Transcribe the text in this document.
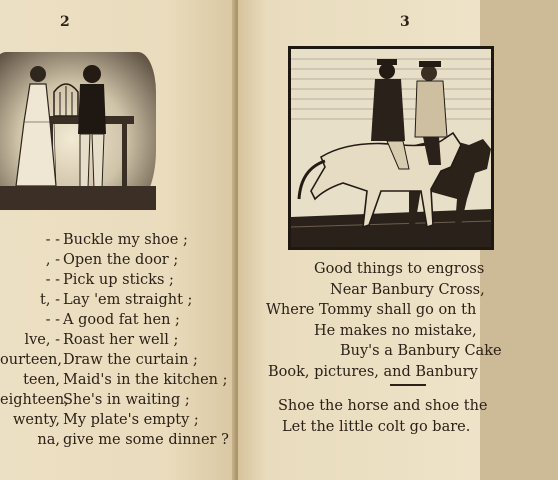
2
- - Buckle my shoe ;
, - Open the door ;
- - Pick up sticks ;
t, - Lay 'em straight ;
- - A good fat hen ;
lve, - Roast her well ;
ourteen, Draw the curtain ;
teen, Maid's in the kitchen ;
eighteen,
She's in waiting ;
wenty, My plate's empty ;
na, give me some dinner ?
3
Good things to engross
Near Banbury Cross,
Where Tommy shall go on th
He makes no mistake,
Buy's a Banbury Cake
Book, pictures, and Banbury
Shoe the horse and shoe the
Let the little colt go bare.
